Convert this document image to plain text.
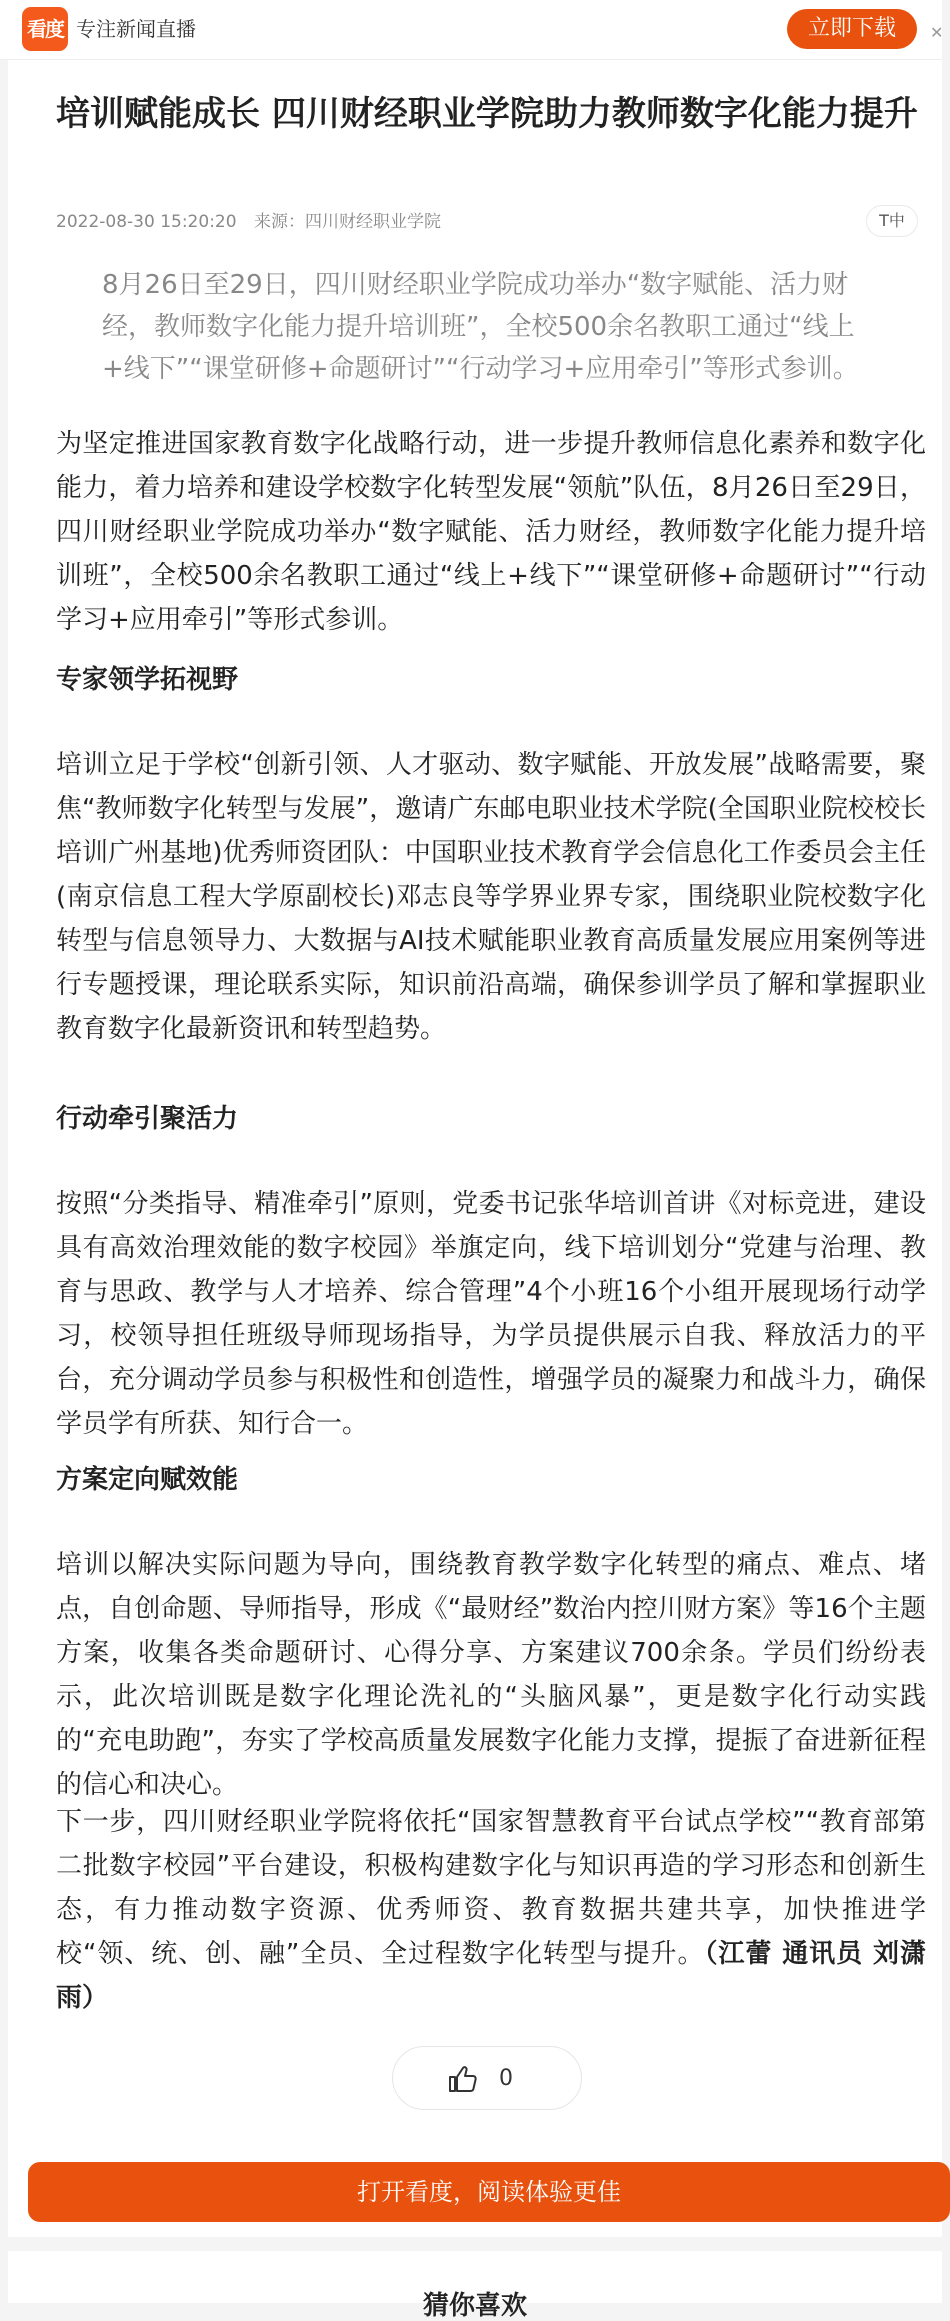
看度 专注新闻直播	立即下载	✕
培训赋能成长 四川财经职业学院助力教师数字化能力提升
2022-08-30 15:20:20 来源：四川财经职业学院	T中
8月26日至29日，四川财经职业学院成功举办“数字赋能、活力财经，教师数字化能力提升培训班”，全校500余名教职工通过“线上+线下”“课堂研修+命题研讨”“行动学习+应用牵引”等形式参训。

为坚定推进国家教育数字化战略行动，进一步提升教师信息化素养和数字化能力，着力培养和建设学校数字化转型发展“领航”队伍，8月26日至29日，四川财经职业学院成功举办“数字赋能、活力财经，教师数字化能力提升培训班”，全校500余名教职工通过“线上+线下”“课堂研修+命题研讨”“行动学习+应用牵引”等形式参训。

专家领学拓视野

培训立足于学校“创新引领、人才驱动、数字赋能、开放发展”战略需要，聚焦“教师数字化转型与发展”，邀请广东邮电职业技术学院(全国职业院校校长培训广州基地)优秀师资团队：中国职业技术教育学会信息化工作委员会主任(南京信息工程大学原副校长)邓志良等学界业界专家，围绕职业院校数字化转型与信息领导力、大数据与AI技术赋能职业教育高质量发展应用案例等进行专题授课，理论联系实际，知识前沿高端，确保参训学员了解和掌握职业教育数字化最新资讯和转型趋势。

行动牵引聚活力

按照“分类指导、精准牵引”原则，党委书记张华培训首讲《对标竞进，建设具有高效治理效能的数字校园》举旗定向，线下培训划分“党建与治理、教育与思政、教学与人才培养、综合管理”4个小班16个小组开展现场行动学习，校领导担任班级导师现场指导，为学员提供展示自我、释放活力的平台，充分调动学员参与积极性和创造性，增强学员的凝聚力和战斗力，确保学员学有所获、知行合一。

方案定向赋效能

培训以解决实际问题为导向，围绕教育教学数字化转型的痛点、难点、堵点，自创命题、导师指导，形成《“最财经”数治内控川财方案》等16个主题方案，收集各类命题研讨、心得分享、方案建议700余条。学员们纷纷表示，此次培训既是数字化理论洗礼的“头脑风暴”，更是数字化行动实践的“充电助跑”，夯实了学校高质量发展数字化能力支撑，提振了奋进新征程的信心和决心。

下一步，四川财经职业学院将依托“国家智慧教育平台试点学校”“教育部第二批数字校园”平台建设，积极构建数字化与知识再造的学习形态和创新生态，有力推动数字资源、优秀师资、教育数据共建共享，加快推进学校“领、统、创、融”全员、全过程数字化转型与提升。（江蕾 通讯员 刘潇雨）

0
打开看度，阅读体验更佳
猜你喜欢
